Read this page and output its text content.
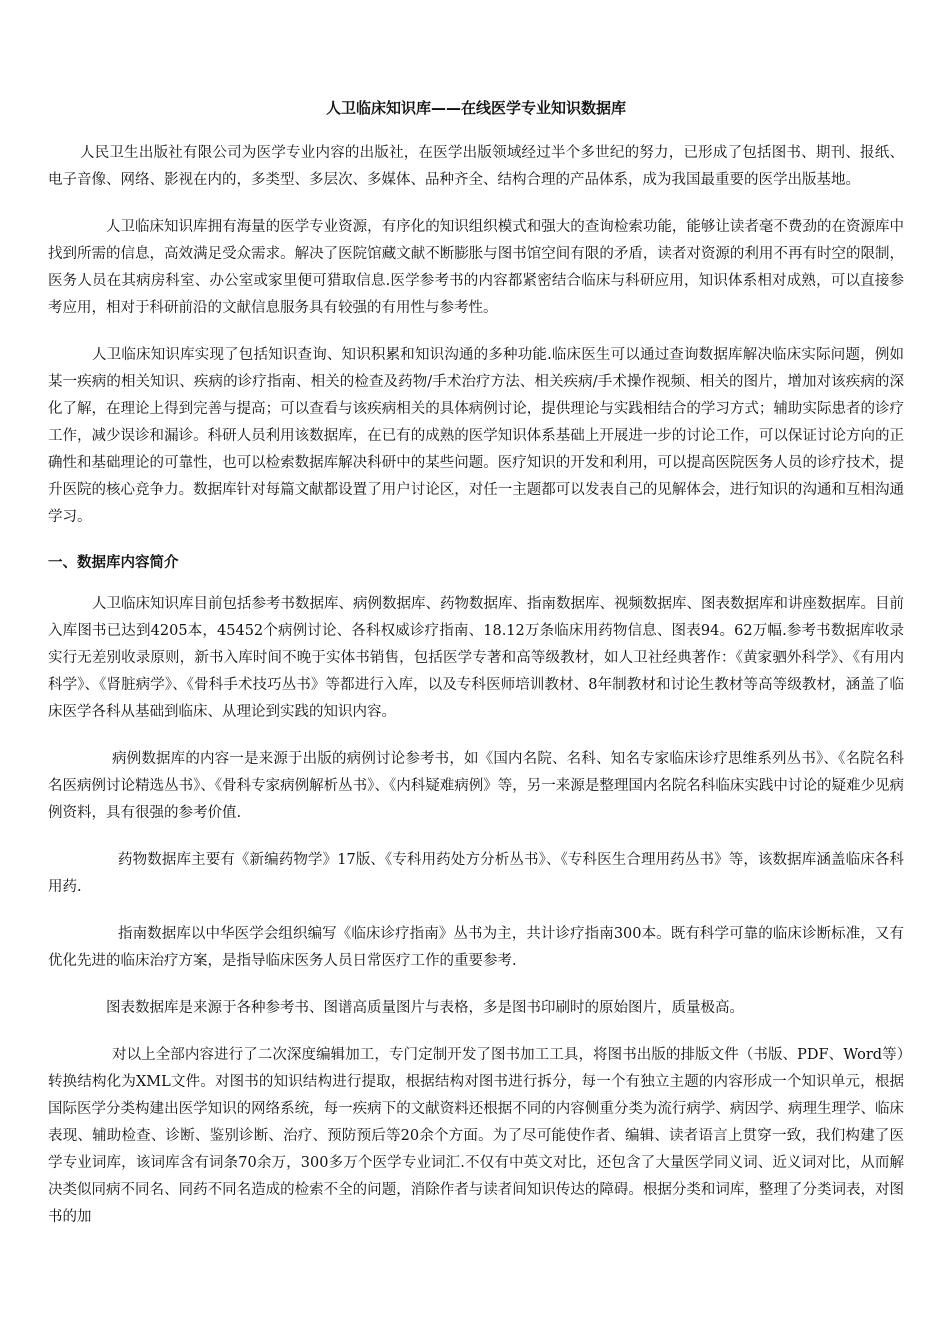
人卫临床知识库——在线医学专业知识数据库

人民卫生出版社有限公司为医学专业内容的出版社，在医学出版领域经过半个多世纪的努力，已形成了包括图书、期刊、报纸、电子音像、网络、影视在内的，多类型、多层次、多媒体、品种齐全、结构合理的产品体系，成为我国最重要的医学出版基地。

人卫临床知识库拥有海量的医学专业资源，有序化的知识组织模式和强大的查询检索功能，能够让读者毫不费劲的在资源库中找到所需的信息，高效满足受众需求。解决了医院馆藏文献不断膨胀与图书馆空间有限的矛盾，读者对资源的利用不再有时空的限制，医务人员在其病房科室、办公室或家里便可猎取信息.医学参考书的内容都紧密结合临床与科研应用，知识体系相对成熟，可以直接参考应用，相对于科研前沿的文献信息服务具有较强的有用性与参考性。

人卫临床知识库实现了包括知识查询、知识积累和知识沟通的多种功能.临床医生可以通过查询数据库解决临床实际问题，例如某一疾病的相关知识、疾病的诊疗指南、相关的检查及药物/手术治疗方法、相关疾病/手术操作视频、相关的图片，增加对该疾病的深化了解，在理论上得到完善与提高；可以查看与该疾病相关的具体病例讨论，提供理论与实践相结合的学习方式；辅助实际患者的诊疗工作，减少误诊和漏诊。科研人员利用该数据库，在已有的成熟的医学知识体系基础上开展进一步的讨论工作，可以保证讨论方向的正确性和基础理论的可靠性，也可以检索数据库解决科研中的某些问题。医疗知识的开发和利用，可以提高医院医务人员的诊疗技术，提升医院的核心竞争力。数据库针对每篇文献都设置了用户讨论区，对任一主题都可以发表自己的见解体会，进行知识的沟通和互相沟通学习。

一、数据库内容简介

人卫临床知识库目前包括参考书数据库、病例数据库、药物数据库、指南数据库、视频数据库、图表数据库和讲座数据库。目前入库图书已达到4205本，45452个病例讨论、各科权威诊疗指南、18.12万条临床用药物信息、图表94。62万幅.参考书数据库收录实行无差别收录原则，新书入库时间不晚于实体书销售，包括医学专著和高等级教材，如人卫社经典著作：《黄家驷外科学》、《有用内科学》、《肾脏病学》、《骨科手术技巧丛书》等都进行入库，以及专科医师培训教材、8年制教材和讨论生教材等高等级教材，涵盖了临床医学各科从基础到临床、从理论到实践的知识内容。

病例数据库的内容一是来源于出版的病例讨论参考书，如《国内名院、名科、知名专家临床诊疗思维系列丛书》、《名院名科名医病例讨论精选丛书》、《骨科专家病例解析丛书》、《内科疑难病例》等，另一来源是整理国内名院名科临床实践中讨论的疑难少见病例资料，具有很强的参考价值.

药物数据库主要有《新编药物学》17版、《专科用药处方分析丛书》、《专科医生合理用药丛书》等，该数据库涵盖临床各科用药.

指南数据库以中华医学会组织编写《临床诊疗指南》丛书为主，共计诊疗指南300本。既有科学可靠的临床诊断标准，又有优化先进的临床治疗方案，是指导临床医务人员日常医疗工作的重要参考.

图表数据库是来源于各种参考书、图谱高质量图片与表格，多是图书印刷时的原始图片，质量极高。

对以上全部内容进行了二次深度编辑加工，专门定制开发了图书加工工具，将图书出版的排版文件（书版、PDF、Word等）转换结构化为XML文件。对图书的知识结构进行提取，根据结构对图书进行拆分，每一个有独立主题的内容形成一个知识单元，根据国际医学分类构建出医学知识的网络系统，每一疾病下的文献资料还根据不同的内容侧重分类为流行病学、病因学、病理生理学、临床表现、辅助检查、诊断、鉴别诊断、治疗、预防预后等20余个方面。为了尽可能使作者、编辑、读者语言上贯穿一致，我们构建了医学专业词库，该词库含有词条70余万，300多万个医学专业词汇.不仅有中英文对比，还包含了大量医学同义词、近义词对比，从而解决类似同病不同名、同药不同名造成的检索不全的问题，消除作者与读者间知识传达的障碍。根据分类和词库，整理了分类词表，对图书的加
